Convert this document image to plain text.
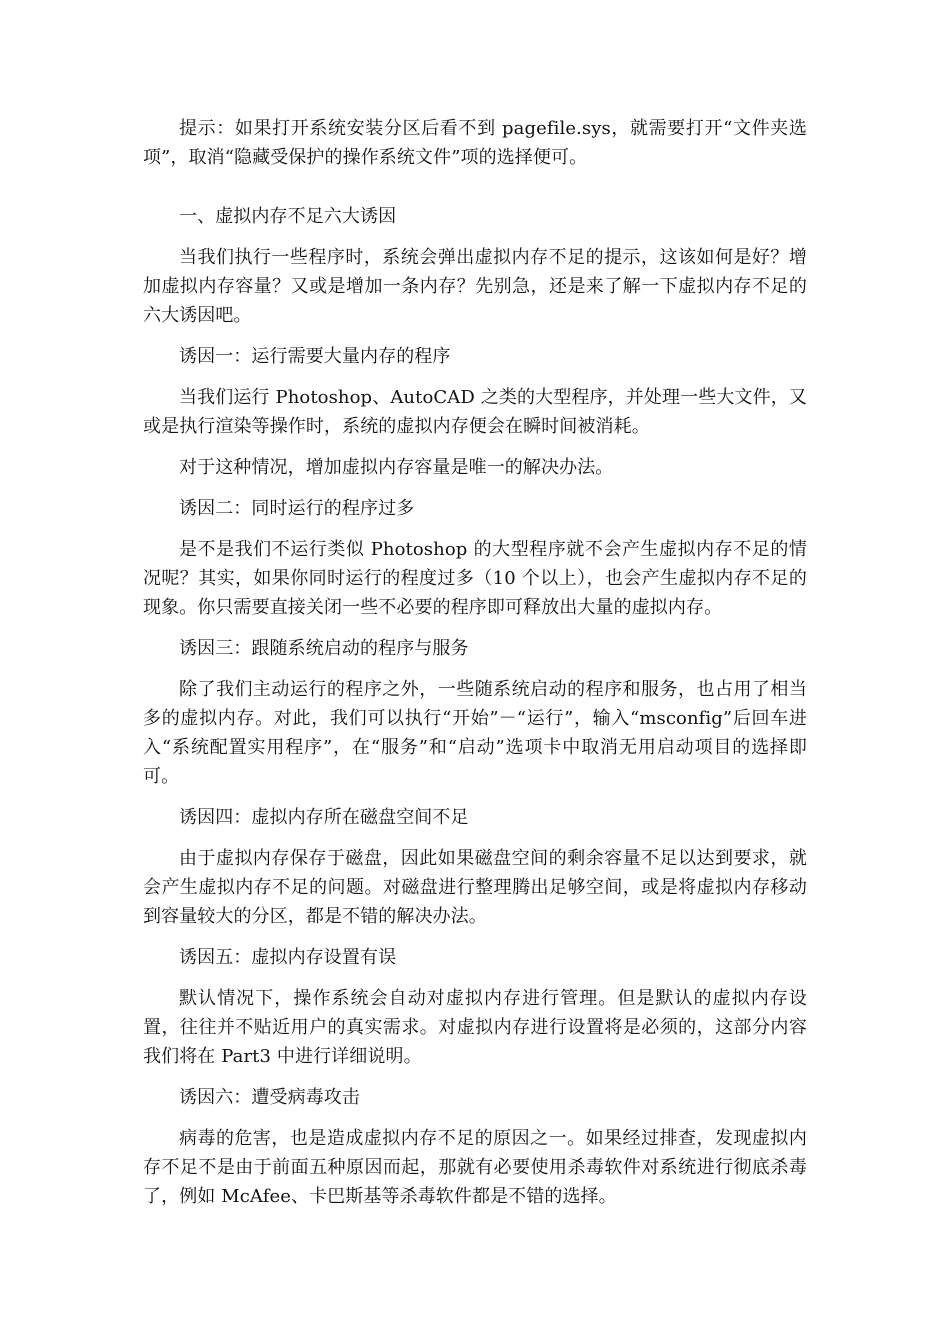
提示：如果打开系统安装分区后看不到 pagefile.sys，就需要打开“文件夹选项”，取消“隐藏受保护的操作系统文件”项的选择便可。

一、虚拟内存不足六大诱因

当我们执行一些程序时，系统会弹出虚拟内存不足的提示，这该如何是好？增加虚拟内存容量？又或是增加一条内存？先别急，还是来了解一下虚拟内存不足的六大诱因吧。

诱因一：运行需要大量内存的程序

当我们运行 Photoshop、AutoCAD 之类的大型程序，并处理一些大文件，又或是执行渲染等操作时，系统的虚拟内存便会在瞬时间被消耗。

对于这种情况，增加虚拟内存容量是唯一的解决办法。

诱因二：同时运行的程序过多

是不是我们不运行类似 Photoshop 的大型程序就不会产生虚拟内存不足的情况呢？其实，如果你同时运行的程度过多（10 个以上），也会产生虚拟内存不足的现象。你只需要直接关闭一些不必要的程序即可释放出大量的虚拟内存。

诱因三：跟随系统启动的程序与服务

除了我们主动运行的程序之外，一些随系统启动的程序和服务，也占用了相当多的虚拟内存。对此，我们可以执行“开始”－“运行”，输入“msconfig”后回车进入“系统配置实用程序”，在“服务”和“启动”选项卡中取消无用启动项目的选择即可。

诱因四：虚拟内存所在磁盘空间不足

由于虚拟内存保存于磁盘，因此如果磁盘空间的剩余容量不足以达到要求，就会产生虚拟内存不足的问题。对磁盘进行整理腾出足够空间，或是将虚拟内存移动到容量较大的分区，都是不错的解决办法。

诱因五：虚拟内存设置有误

默认情况下，操作系统会自动对虚拟内存进行管理。但是默认的虚拟内存设置，往往并不贴近用户的真实需求。对虚拟内存进行设置将是必须的，这部分内容我们将在 Part3 中进行详细说明。

诱因六：遭受病毒攻击

病毒的危害，也是造成虚拟内存不足的原因之一。如果经过排查，发现虚拟内存不足不是由于前面五种原因而起，那就有必要使用杀毒软件对系统进行彻底杀毒了，例如 McAfee、卡巴斯基等杀毒软件都是不错的选择。
